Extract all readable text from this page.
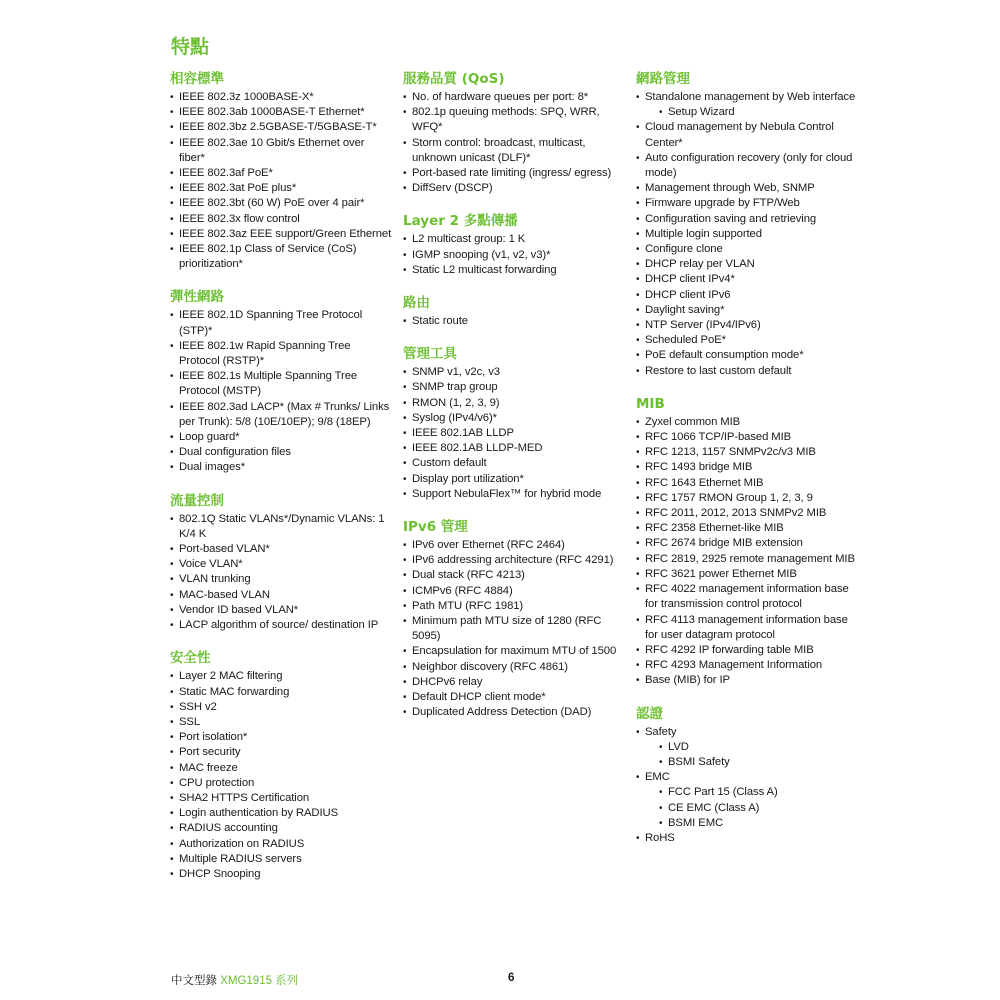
特點
相容標準
• IEEE 802.3z 1000BASE-X*
• IEEE 802.3ab 1000BASE-T Ethernet*
• IEEE 802.3bz 2.5GBASE-T/5GBASE-T*
• IEEE 802.3ae 10 Gbit/s Ethernet over fiber*
• IEEE 802.3af PoE*
• IEEE 802.3at PoE plus*
• IEEE 802.3bt (60 W) PoE over 4 pair*
• IEEE 802.3x flow control
• IEEE 802.3az EEE support/Green Ethernet
• IEEE 802.1p Class of Service (CoS) prioritization*
彈性網路
• IEEE 802.1D Spanning Tree Protocol (STP)*
• IEEE 802.1w Rapid Spanning Tree Protocol (RSTP)*
• IEEE 802.1s Multiple Spanning Tree Protocol (MSTP)
• IEEE 802.3ad LACP* (Max # Trunks/ Links per Trunk): 5/8 (10E/10EP); 9/8 (18EP)
• Loop guard*
• Dual configuration files
• Dual images*
流量控制
• 802.1Q Static VLANs*/Dynamic VLANs: 1 K/4 K
• Port-based VLAN*
• Voice VLAN*
• VLAN trunking
• MAC-based VLAN
• Vendor ID based VLAN*
• LACP algorithm of source/ destination IP
安全性
• Layer 2 MAC filtering
• Static MAC forwarding
• SSH v2
• SSL
• Port isolation*
• Port security
• MAC freeze
• CPU protection
• SHA2 HTTPS Certification
• Login authentication by RADIUS
• RADIUS accounting
• Authorization on RADIUS
• Multiple RADIUS servers
• DHCP Snooping
服務品質 (QoS)
• No. of hardware queues per port: 8*
• 802.1p queuing methods: SPQ, WRR, WFQ*
• Storm control: broadcast, multicast, unknown unicast (DLF)*
• Port-based rate limiting (ingress/ egress)
• DiffServ (DSCP)
Layer 2 多點傳播
• L2 multicast group: 1 K
• IGMP snooping (v1, v2, v3)*
• Static L2 multicast forwarding
路由
• Static route
管理工具
• SNMP v1, v2c, v3
• SNMP trap group
• RMON (1, 2, 3, 9)
• Syslog (IPv4/v6)*
• IEEE 802.1AB LLDP
• IEEE 802.1AB LLDP-MED
• Custom default
• Display port utilization*
• Support NebulaFlex™ for hybrid mode
IPv6 管理
• IPv6 over Ethernet (RFC 2464)
• IPv6 addressing architecture (RFC 4291)
• Dual stack (RFC 4213)
• ICMPv6 (RFC 4884)
• Path MTU (RFC 1981)
• Minimum path MTU size of 1280 (RFC 5095)
• Encapsulation for maximum MTU of 1500
• Neighbor discovery (RFC 4861)
• DHCPv6 relay
• Default DHCP client mode*
• Duplicated Address Detection (DAD)
網路管理
• Standalone management by Web interface
• Setup Wizard
• Cloud management by Nebula Control Center*
• Auto configuration recovery (only for cloud mode)
• Management through Web, SNMP
• Firmware upgrade by FTP/Web
• Configuration saving and retrieving
• Multiple login supported
• Configure clone
• DHCP relay per VLAN
• DHCP client IPv4*
• DHCP client IPv6
• Daylight saving*
• NTP Server (IPv4/IPv6)
• Scheduled PoE*
• PoE default consumption mode*
• Restore to last custom default
MIB
• Zyxel common MIB
• RFC 1066 TCP/IP-based MIB
• RFC 1213, 1157 SNMPv2c/v3 MIB
• RFC 1493 bridge MIB
• RFC 1643 Ethernet MIB
• RFC 1757 RMON Group 1, 2, 3, 9
• RFC 2011, 2012, 2013 SNMPv2 MIB
• RFC 2358 Ethernet-like MIB
• RFC 2674 bridge MIB extension
• RFC 2819, 2925 remote management MIB
• RFC 3621 power Ethernet MIB
• RFC 4022 management information base for transmission control protocol
• RFC 4113 management information base for user datagram protocol
• RFC 4292 IP forwarding table MIB
• RFC 4293 Management Information
• Base (MIB) for IP
認證
• Safety
• LVD
• BSMI Safety
• EMC
• FCC Part 15 (Class A)
• CE EMC (Class A)
• BSMI EMC
• RoHS
中文型錄 XMG1915 系列	6
